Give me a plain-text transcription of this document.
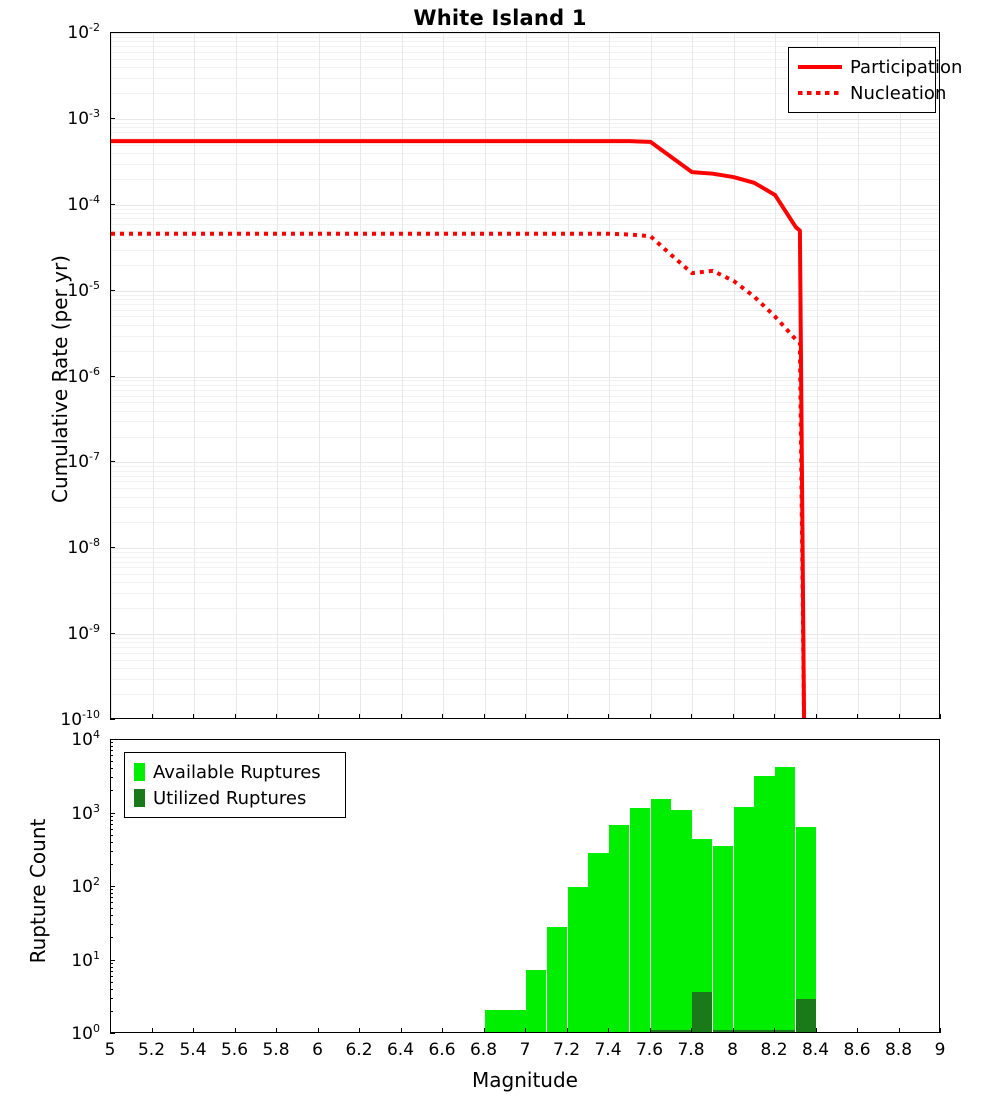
White Island 1
$10^{-2}$
$10^{-3}$
$10^{-4}$
$10^{-5}$
$10^{-6}$
$10^{-7}$
$10^{-8}$
$10^{-9}$
$10^{-10}$
Cumulative Rate (per yr)
Participation
Nucleation
$10^4$
$10^3$
$10^2$
$10^1$
$10^0$
Rupture Count
Available Ruptures
Utilized Ruptures
5 5.2 5.4 5.6 5.8 6 6.2 6.4 6.6 6.8 7 7.2 7.4 7.6 7.8 8 8.2 8.4 8.6 8.8 9
Magnitude
